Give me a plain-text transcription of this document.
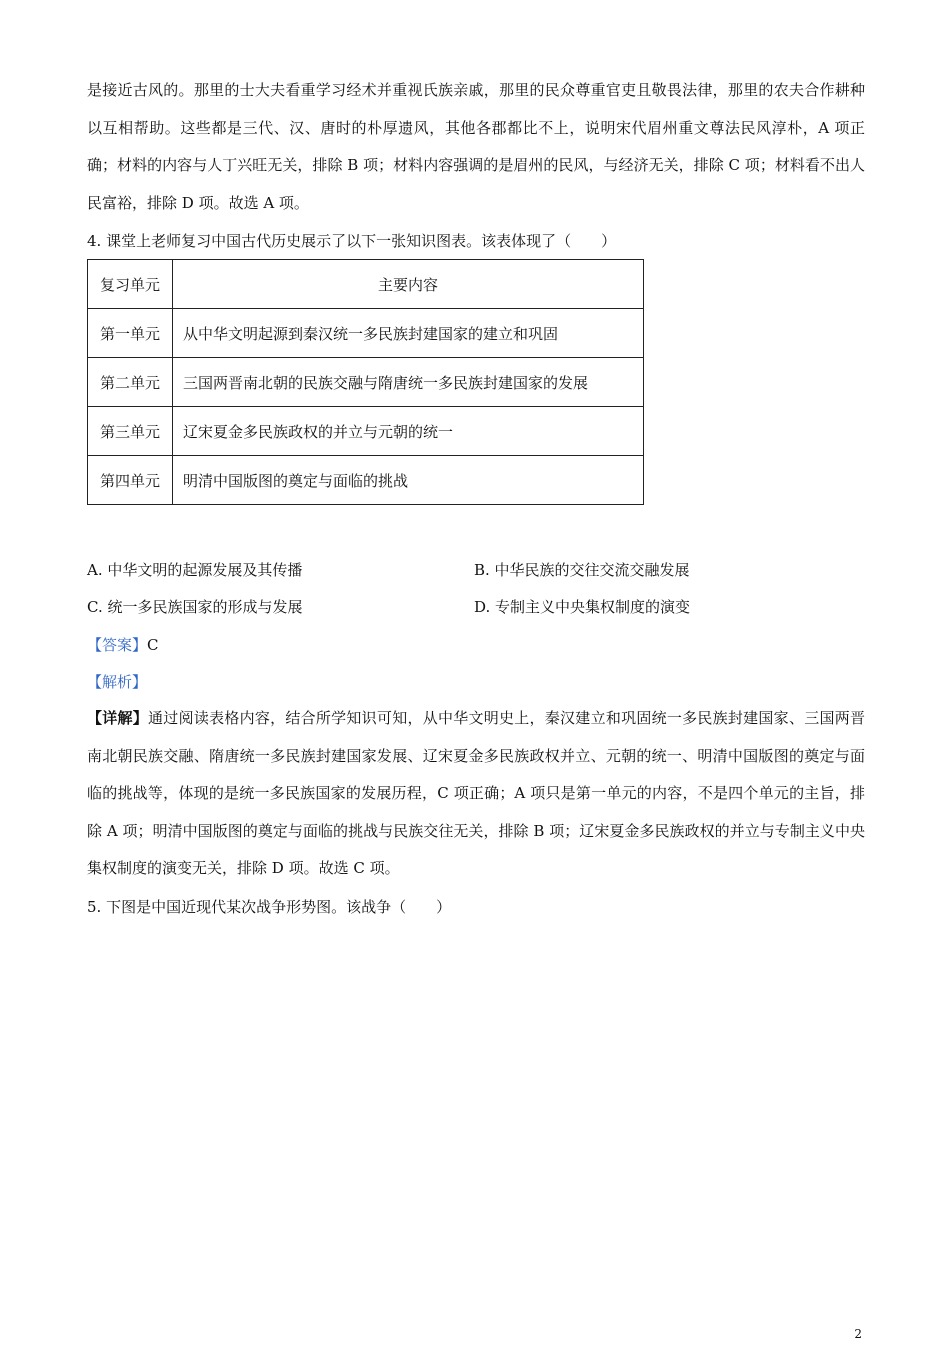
是接近古风的。那里的士大夫看重学习经术并重视氏族亲戚，那里的民众尊重官吏且敬畏法律，那里的农夫合作耕种以互相帮助。这些都是三代、汉、唐时的朴厚遗风，其他各郡都比不上，说明宋代眉州重文尊法民风淳朴，A 项正确；材料的内容与人丁兴旺无关，排除 B 项；材料内容强调的是眉州的民风，与经济无关，排除 C 项；材料看不出人民富裕，排除 D 项。故选 A 项。

4. 课堂上老师复习中国古代历史展示了以下一张知识图表。该表体现了（　　）

复习单元	主要内容
第一单元	从中华文明起源到秦汉统一多民族封建国家的建立和巩固
第二单元	三国两晋南北朝的民族交融与隋唐统一多民族封建国家的发展
第三单元	辽宋夏金多民族政权的并立与元朝的统一
第四单元	明清中国版图的奠定与面临的挑战
A. 中华文明的起源发展及其传播	B. 中华民族的交往交流交融发展
C. 统一多民族国家的形成与发展	D. 专制主义中央集权制度的演变
【答案】C
【解析】

【详解】通过阅读表格内容，结合所学知识可知，从中华文明史上，秦汉建立和巩固统一多民族封建国家、三国两晋南北朝民族交融、隋唐统一多民族封建国家发展、辽宋夏金多民族政权并立、元朝的统一、明清中国版图的奠定与面临的挑战等，体现的是统一多民族国家的发展历程，C 项正确；A 项只是第一单元的内容，不是四个单元的主旨，排除 A 项；明清中国版图的奠定与面临的挑战与民族交往无关，排除 B 项；辽宋夏金多民族政权的并立与专制主义中央集权制度的演变无关，排除 D 项。故选 C 项。

5. 下图是中国近现代某次战争形势图。该战争（　　）

2
